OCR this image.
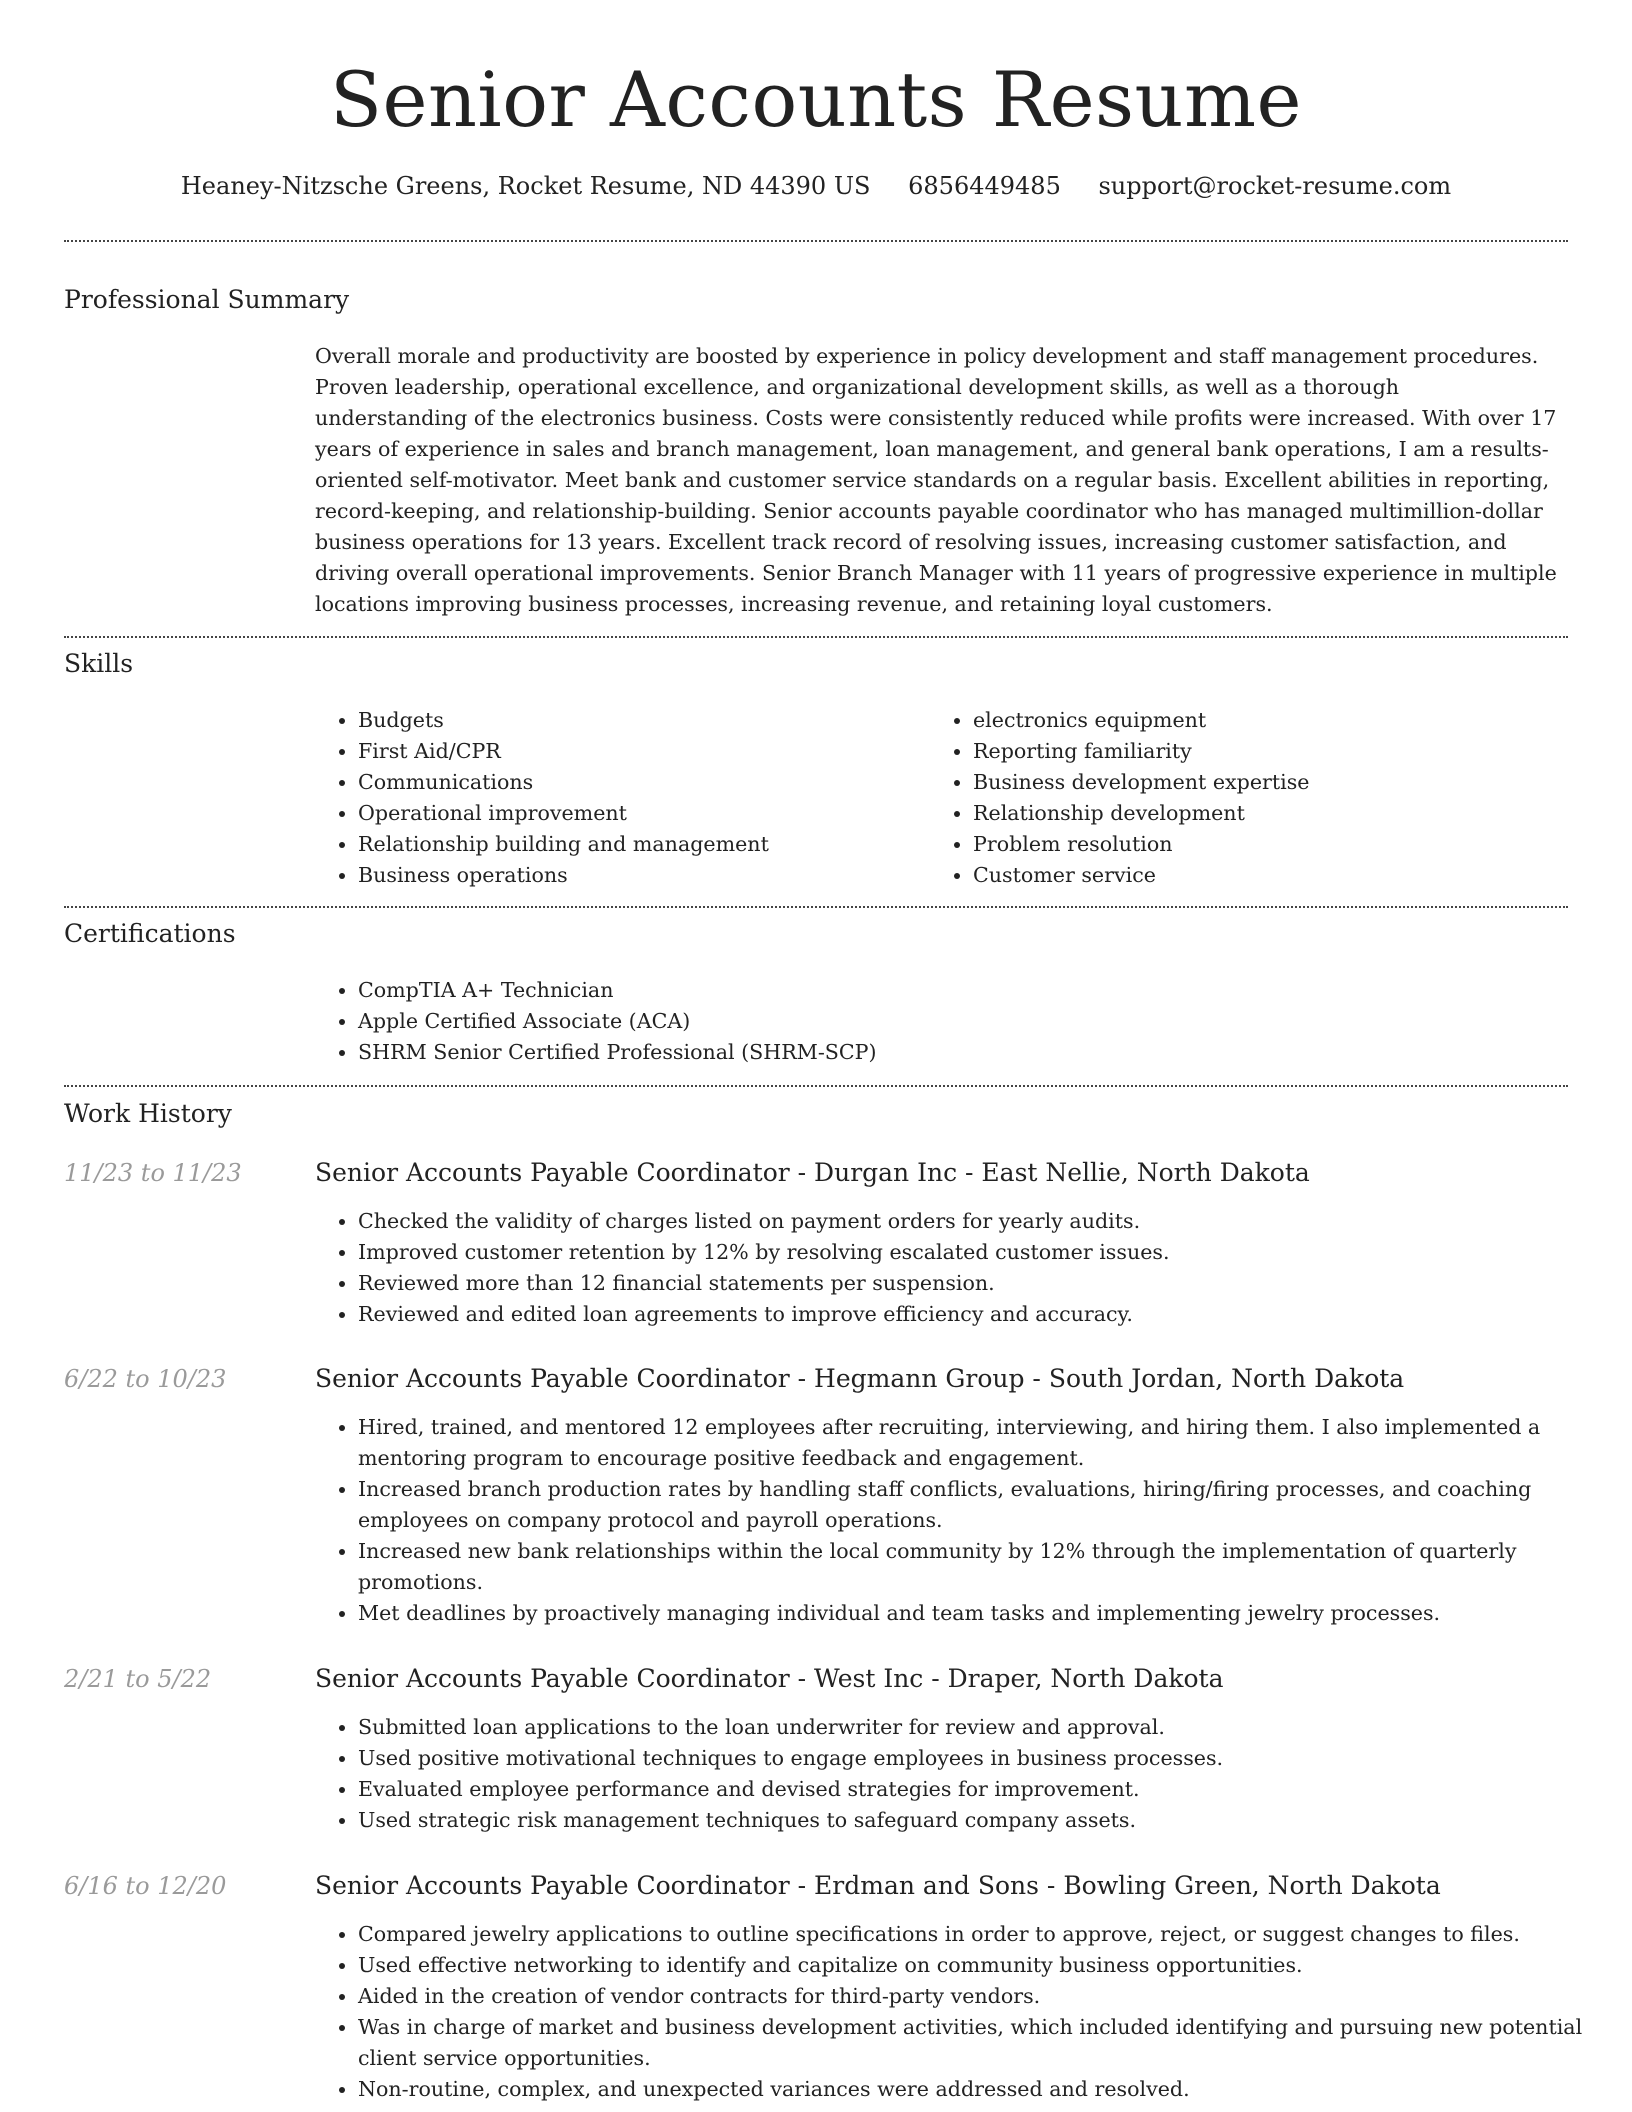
Senior Accounts Resume
Heaney-Nitzsche Greens, Rocket Resume, ND 44390 US 6856449485 support@rocket-resume.com
Professional Summary

Overall morale and productivity are boosted by experience in policy development and staff management procedures. Proven leadership, operational excellence, and organizational development skills, as well as a thorough understanding of the electronics business. Costs were consistently reduced while profits were increased. With over 17 years of experience in sales and branch management, loan management, and general bank operations, I am a results-oriented self-motivator. Meet bank and customer service standards on a regular basis. Excellent abilities in reporting, record-keeping, and relationship-building. Senior accounts payable coordinator who has managed multimillion-dollar business operations for 13 years. Excellent track record of resolving issues, increasing customer satisfaction, and driving overall operational improvements. Senior Branch Manager with 11 years of progressive experience in multiple locations improving business processes, increasing revenue, and retaining loyal customers.

Skills
• Budgets
• First Aid/CPR
• Communications
• Operational improvement
• Relationship building and management
• Business operations
• electronics equipment
• Reporting familiarity
• Business development expertise
• Relationship development
• Problem resolution
• Customer service
Certifications
• CompTIA A+ Technician
• Apple Certified Associate (ACA)
• SHRM Senior Certified Professional (SHRM-SCP)
Work History
11/23 to 11/23	Senior Accounts Payable Coordinator - Durgan Inc - East Nellie, North Dakota
• Checked the validity of charges listed on payment orders for yearly audits.
• Improved customer retention by 12% by resolving escalated customer issues.
• Reviewed more than 12 financial statements per suspension.
• Reviewed and edited loan agreements to improve efficiency and accuracy.
6/22 to 10/23	Senior Accounts Payable Coordinator - Hegmann Group - South Jordan, North Dakota
• Hired, trained, and mentored 12 employees after recruiting, interviewing, and hiring them. I also implemented a mentoring program to encourage positive feedback and engagement.
• Increased branch production rates by handling staff conflicts, evaluations, hiring/firing processes, and coaching employees on company protocol and payroll operations.
• Increased new bank relationships within the local community by 12% through the implementation of quarterly promotions.
• Met deadlines by proactively managing individual and team tasks and implementing jewelry processes.
2/21 to 5/22	Senior Accounts Payable Coordinator - West Inc - Draper, North Dakota
• Submitted loan applications to the loan underwriter for review and approval.
• Used positive motivational techniques to engage employees in business processes.
• Evaluated employee performance and devised strategies for improvement.
• Used strategic risk management techniques to safeguard company assets.
6/16 to 12/20	Senior Accounts Payable Coordinator - Erdman and Sons - Bowling Green, North Dakota
• Compared jewelry applications to outline specifications in order to approve, reject, or suggest changes to files.
• Used effective networking to identify and capitalize on community business opportunities.
• Aided in the creation of vendor contracts for third-party vendors.
• Was in charge of market and business development activities, which included identifying and pursuing new potential client service opportunities.
• Non-routine, complex, and unexpected variances were addressed and resolved.
